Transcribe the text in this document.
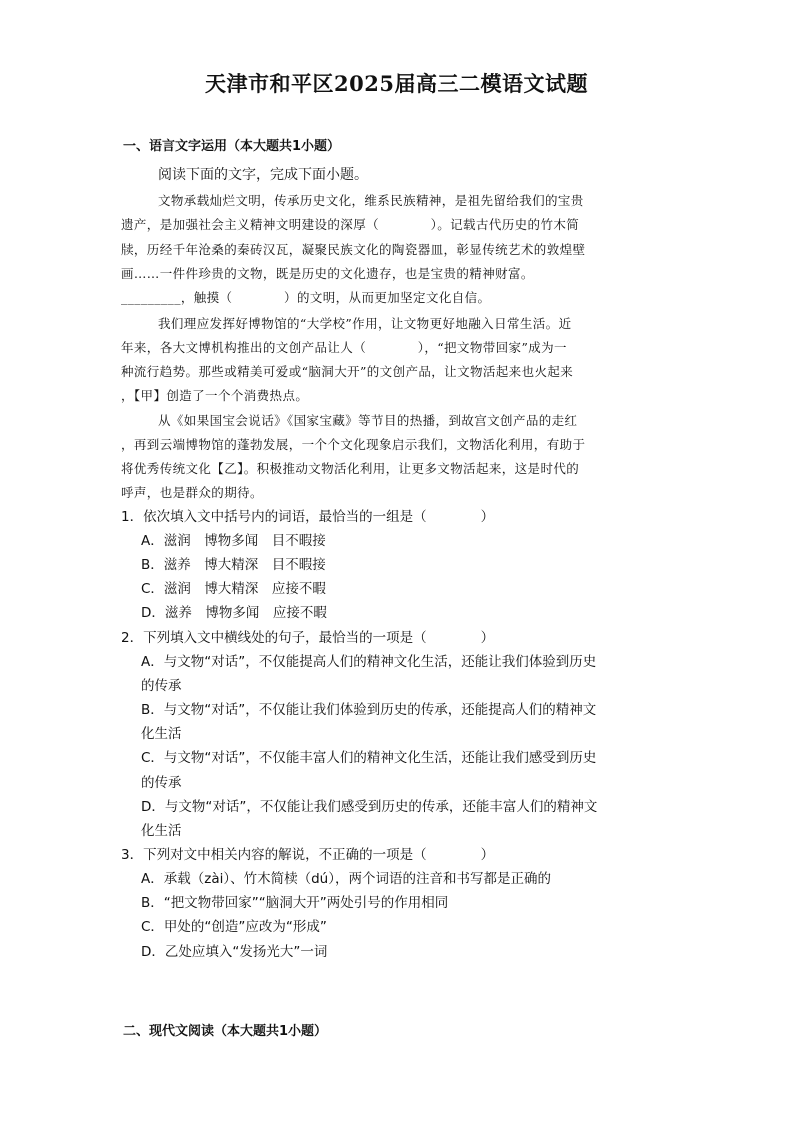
天津市和平区2025届高三二模语文试题
一、语言文字运用（本大题共1小题）
阅读下面的文字，完成下面小题。
文物承载灿烂文明，传承历史文化，维系民族精神，是祖先留给我们的宝贵
遗产，是加强社会主义精神文明建设的深厚（　　　　）。记载古代历史的竹木简
牍，历经千年沧桑的秦砖汉瓦，凝聚民族文化的陶瓷器皿，彰显传统艺术的敦煌壁
画……一件件珍贵的文物，既是历史的文化遗存，也是宝贵的精神财富。
_________，触摸（　　　　）的文明，从而更加坚定文化自信。
我们理应发挥好博物馆的“大学校”作用，让文物更好地融入日常生活。近
年来，各大文博机构推出的文创产品让人（　　　　），“把文物带回家”成为一
种流行趋势。那些或精美可爱或“脑洞大开”的文创产品，让文物活起来也火起来
，【甲】创造了一个个消费热点。
从《如果国宝会说话》《国家宝藏》等节目的热播，到故宫文创产品的走红
，再到云端博物馆的蓬勃发展，一个个文化现象启示我们，文物活化利用，有助于
将优秀传统文化【乙】。积极推动文物活化利用，让更多文物活起来，这是时代的
呼声，也是群众的期待。
1．依次填入文中括号内的词语，最恰当的一组是（　　　　）
A．滋润　博物多闻　目不暇接
B．滋养　博大精深　目不暇接
C．滋润　博大精深　应接不暇
D．滋养　博物多闻　应接不暇
2．下列填入文中横线处的句子，最恰当的一项是（　　　　）
A．与文物“对话”，不仅能提高人们的精神文化生活，还能让我们体验到历史
的传承
B．与文物“对话”，不仅能让我们体验到历史的传承，还能提高人们的精神文
化生活
C．与文物“对话”，不仅能丰富人们的精神文化生活，还能让我们感受到历史
的传承
D．与文物“对话”，不仅能让我们感受到历史的传承，还能丰富人们的精神文
化生活
3．下列对文中相关内容的解说，不正确的一项是（　　　　）
A．承载（zài）、竹木简椟（dú），两个词语的注音和书写都是正确的
B．“把文物带回家”“脑洞大开”两处引号的作用相同
C．甲处的“创造”应改为“形成”
D．乙处应填入“发扬光大”一词
二、现代文阅读（本大题共1小题）
